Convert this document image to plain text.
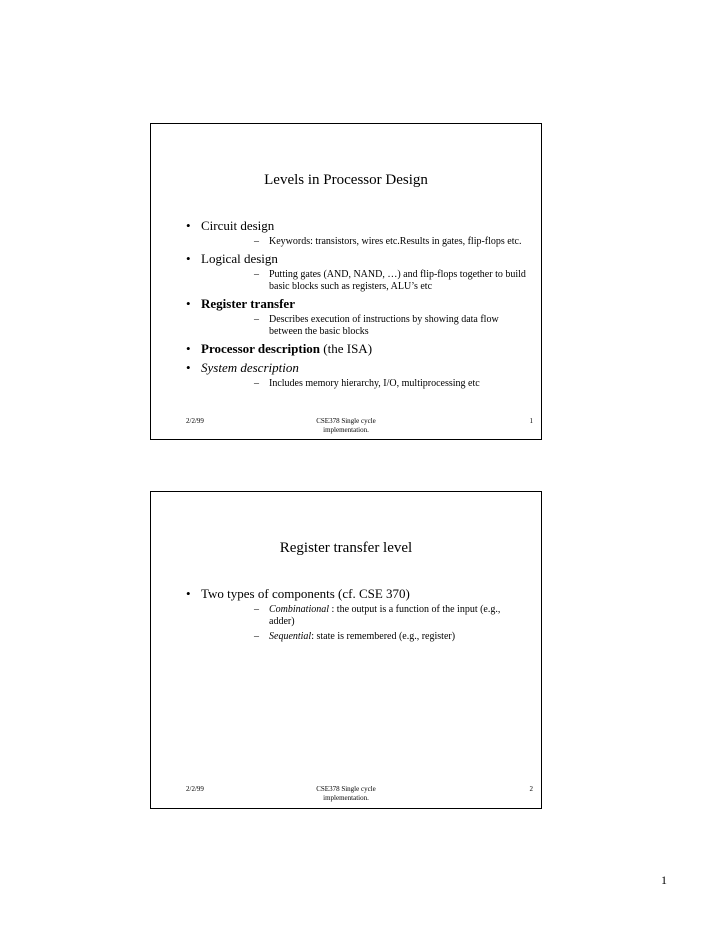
Levels in Processor Design
• Circuit design
– Keywords: transistors, wires etc.Results in gates, flip-flops etc.
• Logical design
– Putting gates (AND, NAND, …) and flip-flops together to build basic blocks such as registers, ALU’s etc
• Register transfer
– Describes execution of instructions by showing data flow between the basic blocks
• Processor description (the ISA)
• System description
– Includes memory hierarchy, I/O, multiprocessing etc
2/2/99	CSE378 Single cycle
implementation.
1
Register transfer level
• Two types of components (cf. CSE 370)
– Combinational : the output is a function of the input (e.g., adder)
– Sequential: state is remembered (e.g., register)
2/2/99	CSE378 Single cycle
implementation.
2
1
